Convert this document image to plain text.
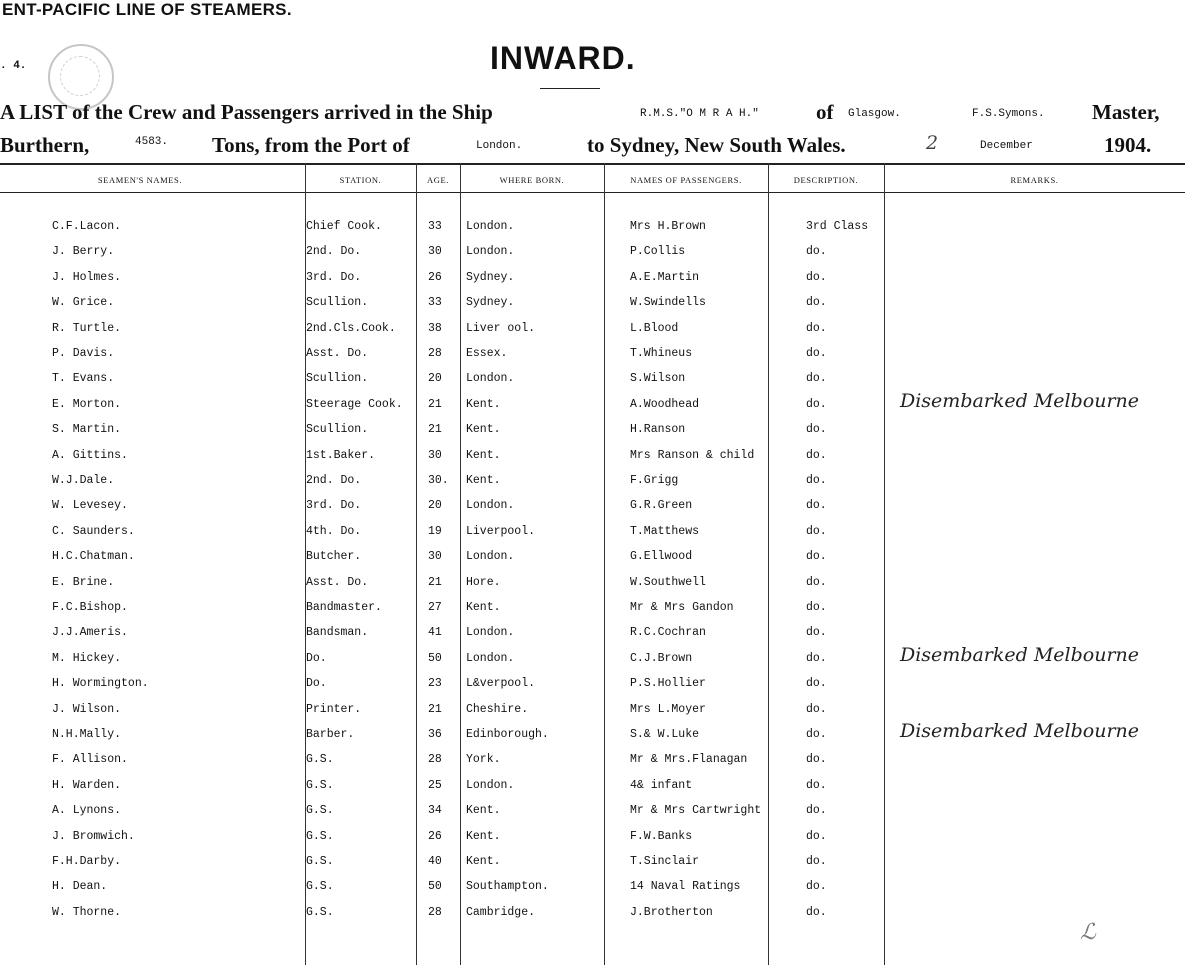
ENT-PACIFIC LINE OF STEAMERS.
. 4.	INWARD.
A LIST of the Crew and Passengers arrived in the Ship	R.M.S."O M R A H."	of Glasgow.	F.S.Symons. Master,
Burthern,	4583. Tons, from the Port of	London.	to Sydney, New South Wales.	2	December	1904.
SEAMEN'S NAMES.	STATION.	AGE.	WHERE BORN.	NAMES OF PASSENGERS.	DESCRIPTION.	REMARKS.
C.F.Lacon.	Chief Cook.	33 London.	Mrs H.Brown	3rd Class
J. Berry.	2nd. Do.	30 London.	P.Collis	do.
J. Holmes.	3rd. Do.	26 Sydney.	A.E.Martin	do.
W. Grice.	Scullion.	33 Sydney.	W.Swindells	do.
R. Turtle.	2nd.Cls.Cook.	38 Liver ool.	L.Blood	do.
P. Davis.	Asst. Do.	28 Essex.	T.Whineus	do.
T. Evans.	Scullion.	20 London.	S.Wilson	do.
E. Morton.	Steerage Cook. 21 Kent.	A.Woodhead	do.	Disembarked Melbourne
S. Martin.	Scullion.	21 Kent.	H.Ranson	do.
A. Gittins.	1st.Baker.	30 Kent.	Mrs Ranson & child	do.
W.J.Dale.	2nd. Do.	30. Kent.	F.Grigg	do.
W. Levesey.	3rd. Do.	20 London.	G.R.Green	do.
C. Saunders.	4th. Do.	19 Liverpool.	T.Matthews	do.
H.C.Chatman.	Butcher.	30 London.	G.Ellwood	do.
E. Brine.	Asst. Do.	21 Hore.	W.Southwell	do.
F.C.Bishop.	Bandmaster.	27 Kent.	Mr & Mrs Gandon	do.
J.J.Ameris.	Bandsman.	41 London.	R.C.Cochran	do.
M. Hickey.	Do.	50 London.	C.J.Brown	do.	Disembarked Melbourne
H. Wormington.	Do.	23 L&verpool.	P.S.Hollier	do.
J. Wilson.	Printer.	21 Cheshire.	Mrs L.Moyer	do.
N.H.Mally.	Barber.	36 Edinborough.	S.& W.Luke	do.	Disembarked Melbourne
F. Allison.	G.S.	28 York.	Mr & Mrs.Flanagan	do.
H. Warden.	G.S.	25 London.	4& infant	do.
A. Lynons.	G.S.	34 Kent.	Mr & Mrs Cartwright	do.
J. Bromwich.	G.S.	26 Kent.	F.W.Banks	do.
F.H.Darby.	G.S.	40 Kent.	T.Sinclair	do.
H. Dean.	G.S.	50 Southampton.	14 Naval Ratings	do.
W. Thorne.	G.S.	28 Cambridge.	J.Brotherton	do.
ℒ
